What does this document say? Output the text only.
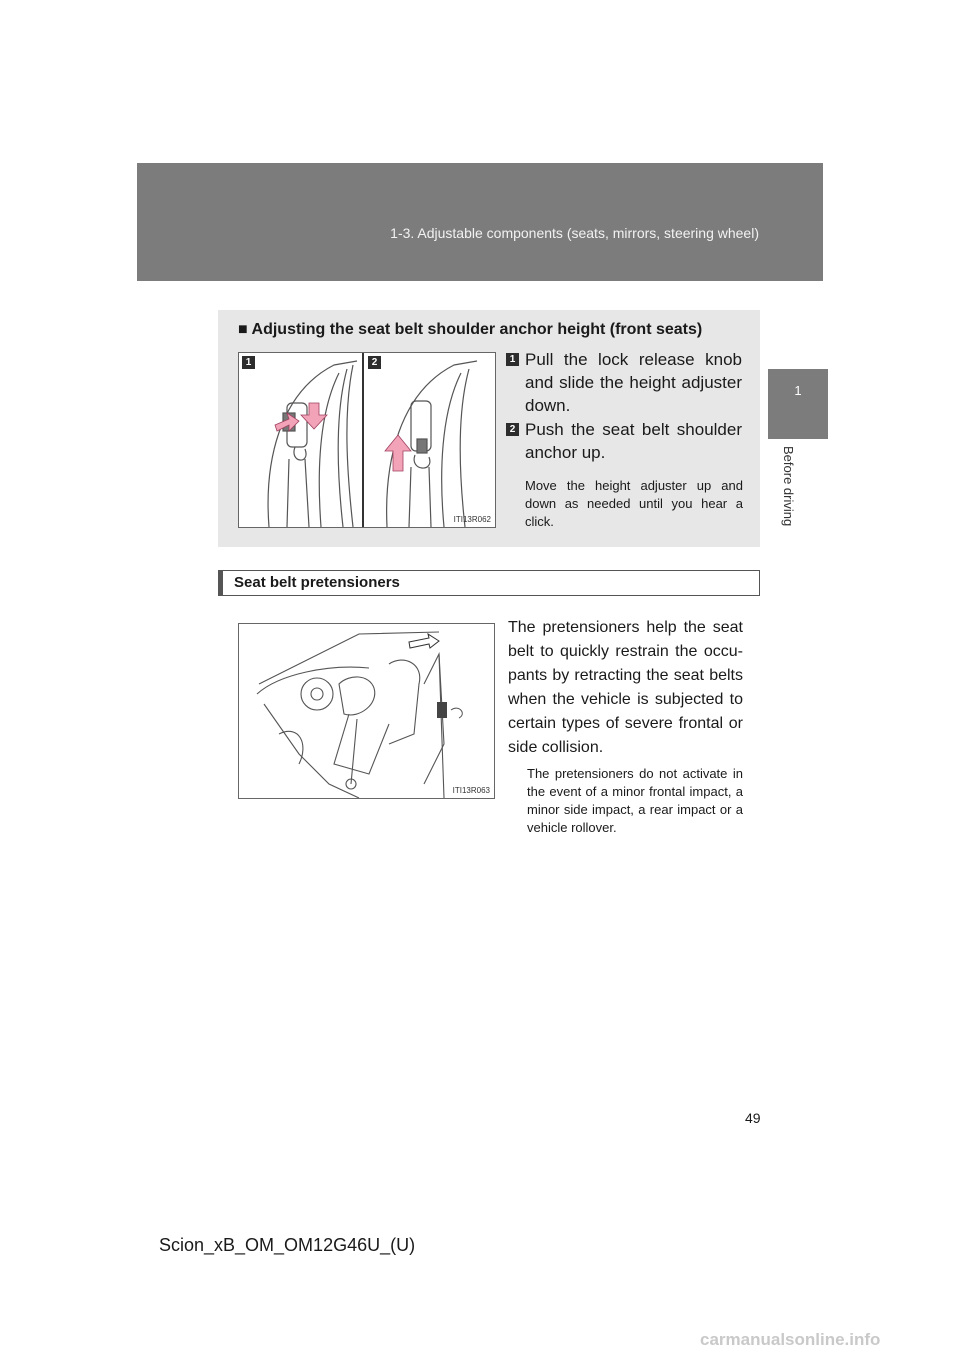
1-3. Adjustable components (seats, mirrors, steering wheel)
1
Before driving
■ Adjusting the seat belt shoulder anchor height (front seats)
1	2
ITI13R062
1 Pull the lock release knob and slide the height adjuster down.
2 Push the seat belt shoulder anchor up.
Move the height adjuster up and down as needed until you hear a click.
Seat belt pretensioners
ITI13R063
The pretensioners help the seat belt to quickly restrain the occu-pants by retracting the seat belts when the vehicle is subjected to certain types of severe frontal or side collision.
The pretensioners do not activate in the event of a minor frontal impact, a minor side impact, a rear impact or a vehicle rollover.
49
Scion_xB_OM_OM12G46U_(U)
carmanualsonline.info
